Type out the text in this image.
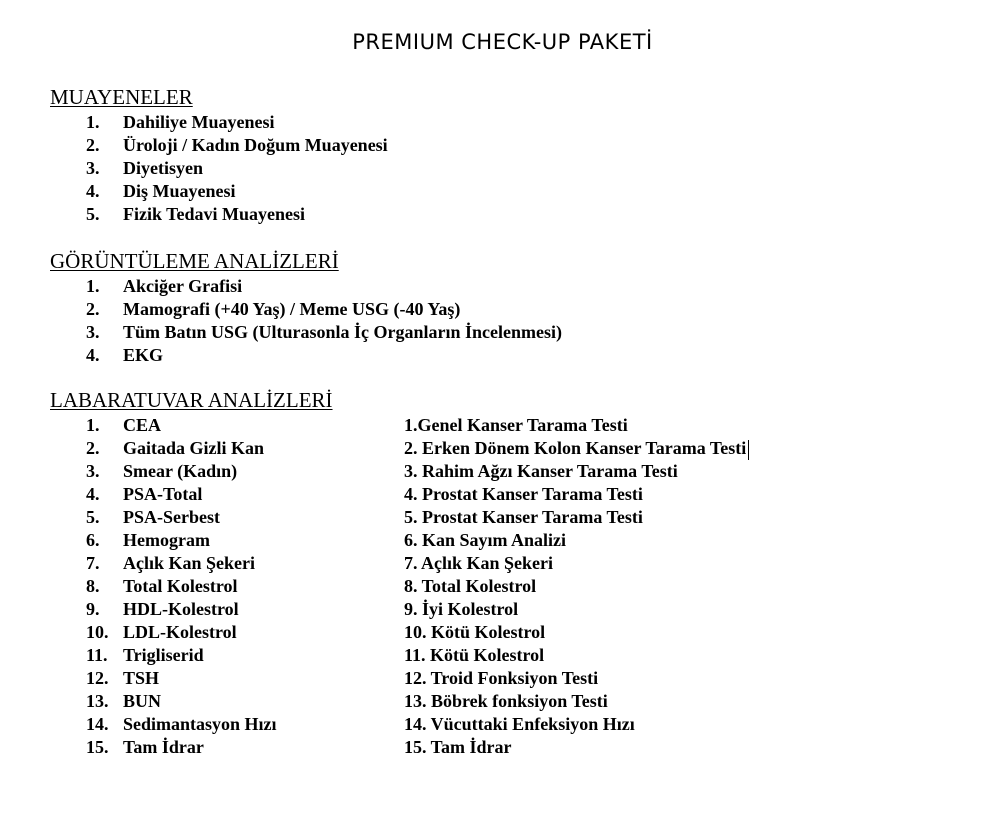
PREMIUM CHECK-UP PAKETİ
MUAYENELER
1. Dahiliye Muayenesi
2. Üroloji / Kadın Doğum Muayenesi
3. Diyetisyen
4. Diş Muayenesi
5. Fizik Tedavi Muayenesi
GÖRÜNTÜLEME ANALİZLERİ
1. Akciğer Grafisi
2. Mamografi (+40 Yaş) / Meme USG (-40 Yaş)
3. Tüm Batın USG (Ulturasonla İç Organların İncelenmesi)
4. EKG
LABARATUVAR ANALİZLERİ
1. CEA
2. Gaitada Gizli Kan
3. Smear (Kadın)
4. PSA-Total
5. PSA-Serbest
6. Hemogram
7. Açlık Kan Şekeri
8. Total Kolestrol
9. HDL-Kolestrol
10. LDL-Kolestrol
11. Trigliserid
12. TSH
13. BUN
14. Sedimantasyon Hızı
15. Tam İdrar
1.Genel Kanser Tarama Testi
2. Erken Dönem Kolon Kanser Tarama Testi
3. Rahim Ağzı Kanser Tarama Testi
4. Prostat Kanser Tarama Testi
5. Prostat Kanser Tarama Testi
6. Kan Sayım Analizi
7. Açlık Kan Şekeri
8. Total Kolestrol
9. İyi Kolestrol
10. Kötü Kolestrol
11. Kötü Kolestrol
12. Troid Fonksiyon Testi
13. Böbrek fonksiyon Testi
14. Vücuttaki Enfeksiyon Hızı
15. Tam İdrar
